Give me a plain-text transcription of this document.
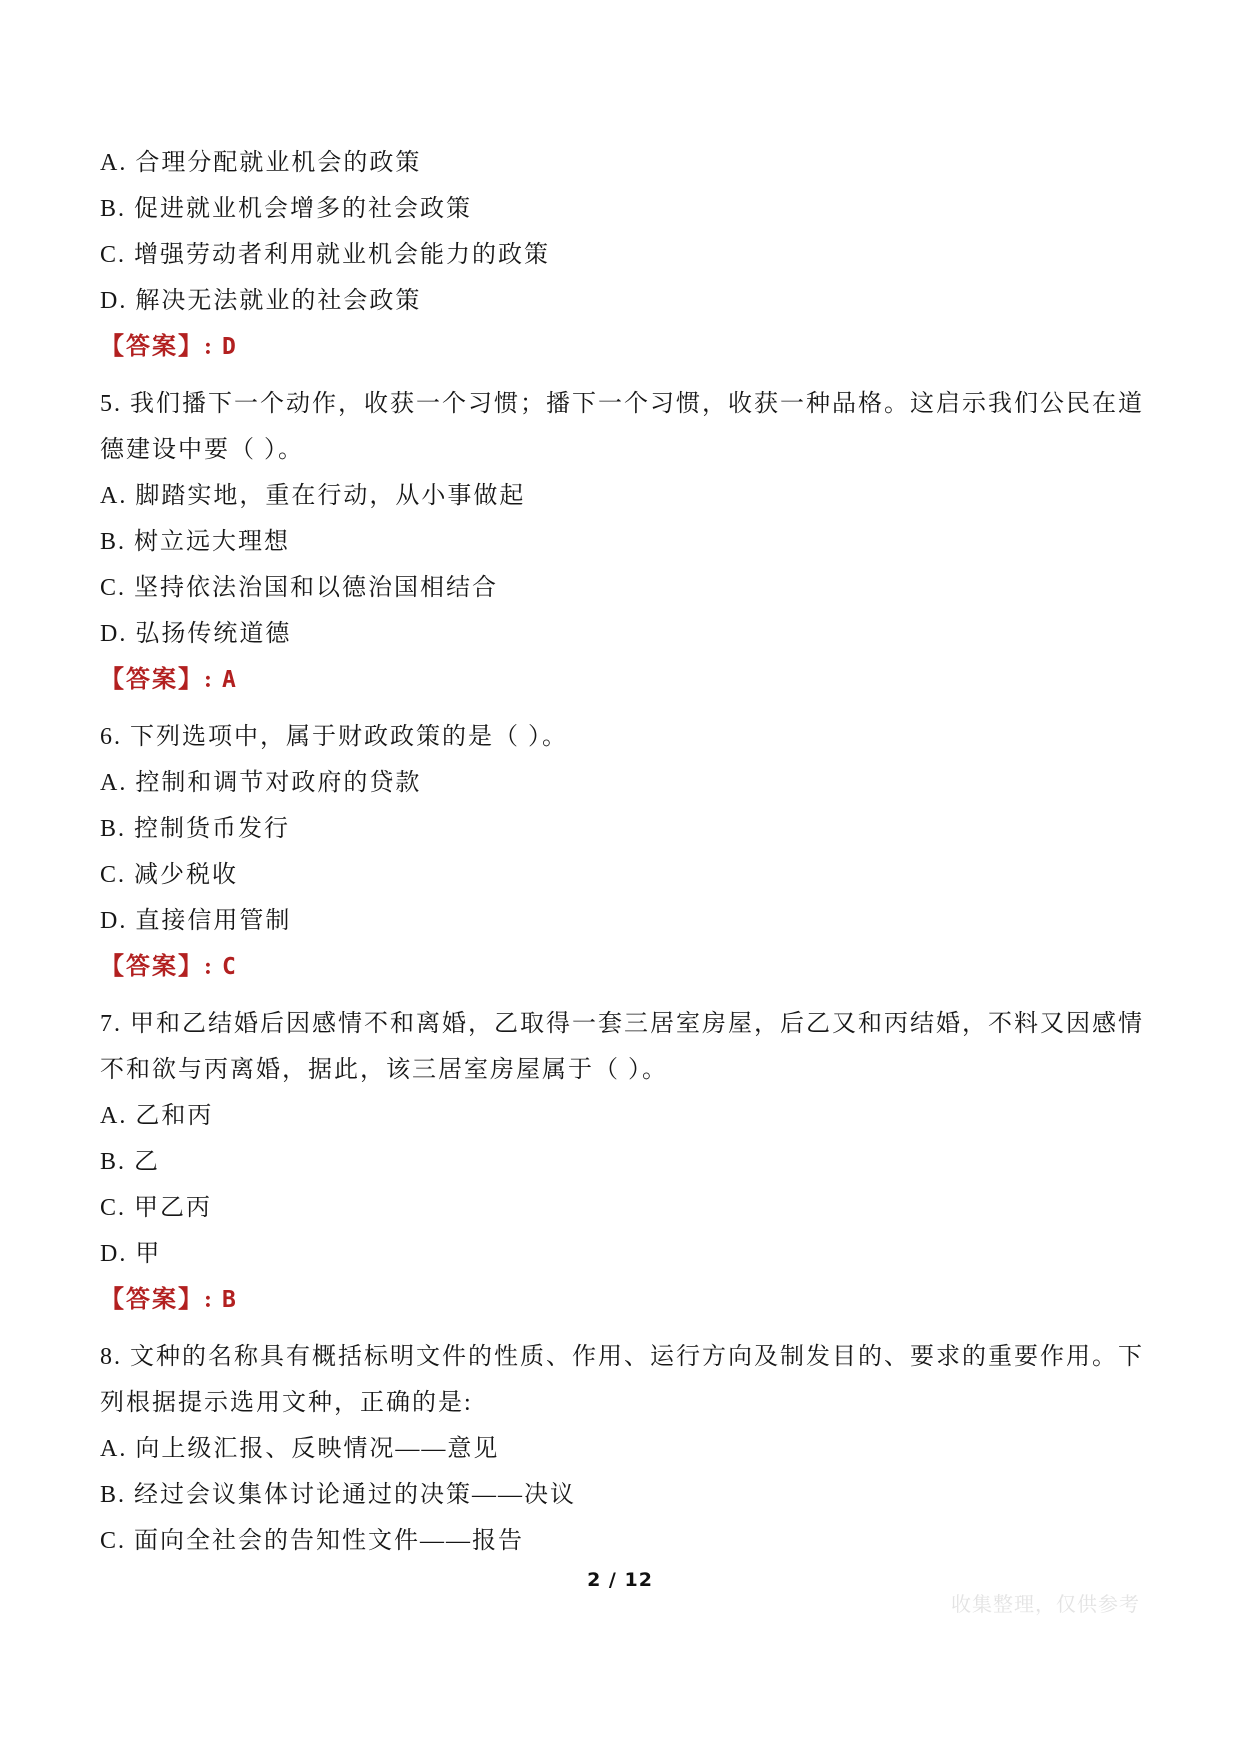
A. 合理分配就业机会的政策
B. 促进就业机会增多的社会政策
C. 增强劳动者利用就业机会能力的政策
D. 解决无法就业的社会政策
【答案】: D
5. 我们播下一个动作，收获一个习惯；播下一个习惯，收获一种品格。这启示我们公民在道
德建设中要（ ）。
A. 脚踏实地，重在行动，从小事做起
B. 树立远大理想
C. 坚持依法治国和以德治国相结合
D. 弘扬传统道德
【答案】: A
6. 下列选项中，属于财政政策的是（ ）。
A. 控制和调节对政府的贷款
B. 控制货币发行
C. 减少税收
D. 直接信用管制
【答案】: C
7. 甲和乙结婚后因感情不和离婚，乙取得一套三居室房屋，后乙又和丙结婚，不料又因感情
不和欲与丙离婚，据此，该三居室房屋属于（ ）。
A. 乙和丙
B. 乙
C. 甲乙丙
D. 甲
【答案】: B
8. 文种的名称具有概括标明文件的性质、作用、运行方向及制发目的、要求的重要作用。下
列根据提示选用文种，正确的是:
A. 向上级汇报、反映情况——意见
B. 经过会议集体讨论通过的决策——决议
C. 面向全社会的告知性文件——报告
2 / 12
收集整理，仅供参考
